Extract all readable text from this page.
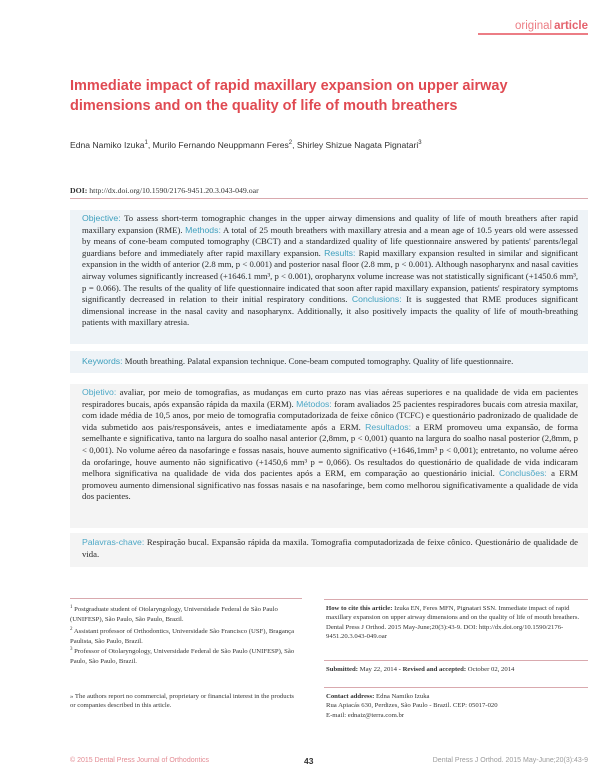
original article
Immediate impact of rapid maxillary expansion on upper airway dimensions and on the quality of life of mouth breathers
Edna Namiko Izuka$^1$, Murilo Fernando Neuppmann Feres$^2$, Shirley Shizue Nagata Pignatari$^3$
DOI: http://dx.doi.org/10.1590/2176-9451.20.3.043-049.oar
Objective: To assess short-term tomographic changes in the upper airway dimensions and quality of life of mouth breathers after rapid maxillary expansion (RME). Methods: A total of 25 mouth breathers with maxillary atresia and a mean age of 10.5 years old were assessed by means of cone-beam computed tomography (CBCT) and a standardized quality of life questionnaire answered by patients' parents/legal guardians before and immediately after rapid maxillary expansion. Results: Rapid maxillary expansion resulted in similar and significant expansion in the width of anterior (2.8 mm, p < 0.001) and posterior nasal floor (2.8 mm, p < 0.001). Although nasopharynx and nasal cavities airway volumes significantly increased (+1646.1 mm³, p < 0.001), oropharynx volume increase was not statistically significant (+1450.6 mm³, p = 0.066). The results of the quality of life questionnaire indicated that soon after rapid maxillary expansion, patients' respiratory symptoms significantly decreased in relation to their initial respiratory conditions. Conclusions: It is suggested that RME produces significant dimensional increase in the nasal cavity and nasopharynx. Additionally, it also positively impacts the quality of life of mouth-breathing patients with maxillary atresia.
Keywords: Mouth breathing. Palatal expansion technique. Cone-beam computed tomography. Quality of life questionnaire.
Objetivo: avaliar, por meio de tomografias, as mudanças em curto prazo nas vias aéreas superiores e na qualidade de vida em pacientes respiradores bucais, após expansão rápida da maxila (ERM). Métodos: foram avaliados 25 pacientes respiradores bucais com atresia maxilar, com idade média de 10,5 anos, por meio de tomografia computadorizada de feixe cônico (TCFC) e questionário padronizado de qualidade de vida submetido aos pais/responsáveis, antes e imediatamente após a ERM. Resultados: a ERM promoveu uma expansão, de forma semelhante e significativa, tanto na largura do soalho nasal anterior (2,8mm, p < 0,001) quanto na largura do soalho nasal posterior (2,8mm, p < 0,001). No volume aéreo da nasofaringe e fossas nasais, houve aumento significativo (+1646,1mm³ p < 0,001); entretanto, no volume aéreo da orofaringe, houve aumento não significativo (+1450,6 mm³ p = 0,066). Os resultados do questionário de qualidade de vida indicaram melhora significativa na qualidade de vida dos pacientes após a ERM, em comparação ao questionário inicial. Conclusões: a ERM promoveu aumento dimensional significativo nas fossas nasais e na nasofaringe, bem como melhorou significativamente a qualidade de vida dos pacientes.
Palavras-chave: Respiração bucal. Expansão rápida da maxila. Tomografia computadorizada de feixe cônico. Questionário de qualidade de vida.
$^1$ Postgraduate student of Otolaryngology, Universidade Federal de São Paulo (UNIFESP), São Paulo, São Paulo, Brazil.
$^2$ Assistant professor of Orthodontics, Universidade São Francisco (USF), Bragança Paulista, São Paulo, Brazil.
$^3$ Professor of Otolaryngology, Universidade Federal de São Paulo (UNIFESP), São Paulo, São Paulo, Brazil.
» The authors report no commercial, proprietary or financial interest in the products or companies described in this article.
How to cite this article: Izuka EN, Feres MFN, Pignatari SSN. Immediate impact of rapid maxillary expansion on upper airway dimensions and on the quality of life of mouth breathers. Dental Press J Orthod. 2015 May-June;20(3):43-9. DOI: http://dx.doi.org/10.1590/2176-9451.20.3.043-049.oar
Submitted: May 22, 2014 - Revised and accepted: October 02, 2014
Contact address: Edna Namiko Izuka
Rua Apiacás 630, Perdizes, São Paulo - Brazil. CEP: 05017-020
E-mail: ednaiz@terra.com.br
© 2015 Dental Press Journal of Orthodontics	43	Dental Press J Orthod. 2015 May-June;20(3):43-9
